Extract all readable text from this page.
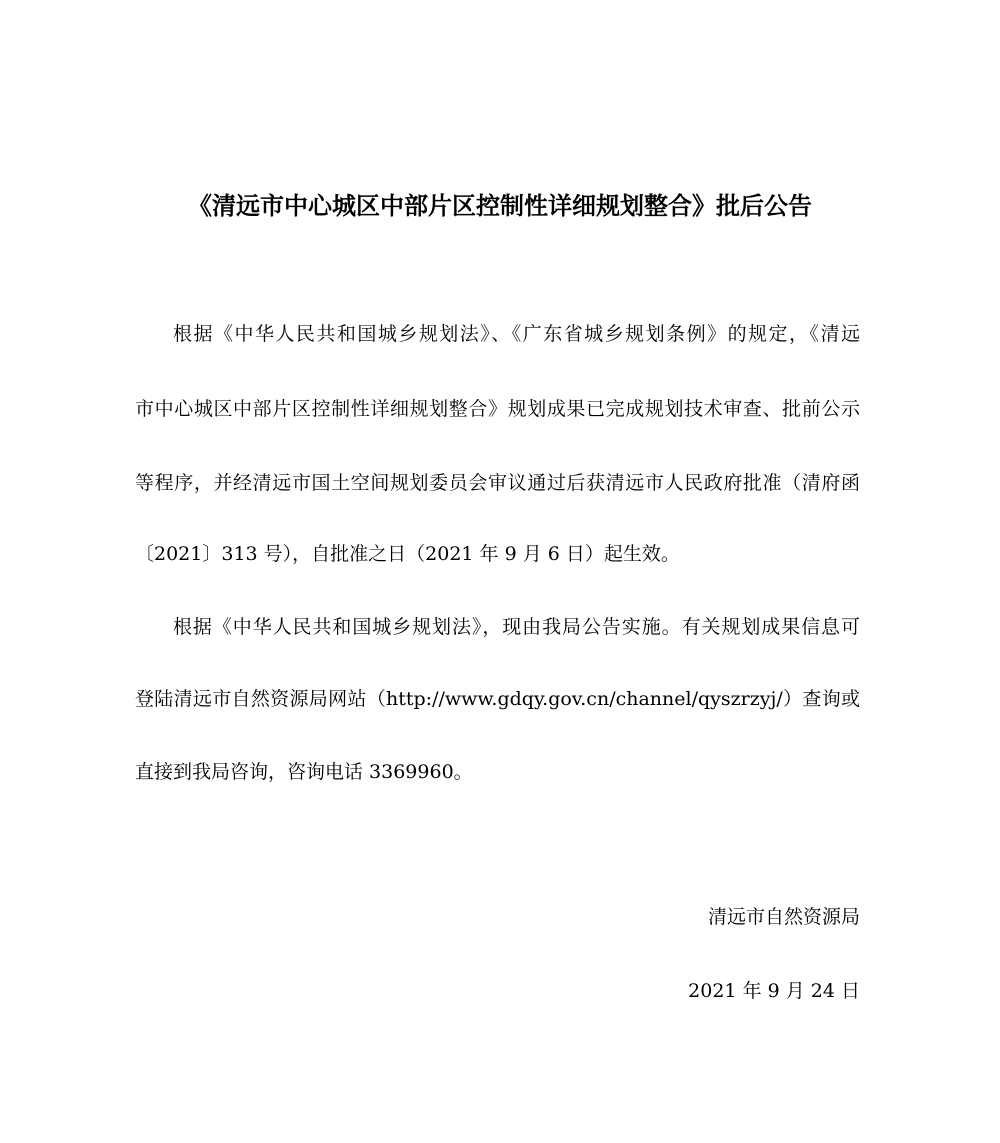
《清远市中心城区中部片区控制性详细规划整合》批后公告
根据《中华人民共和国城乡规划法》、《广东省城乡规划条例》的规定，《清远
市中心城区中部片区控制性详细规划整合》规划成果已完成规划技术审查、批前公示
等程序，并经清远市国土空间规划委员会审议通过后获清远市人民政府批准（清府函
〔2021〕313 号），自批准之日（2021 年 9 月 6 日）起生效。
根据《中华人民共和国城乡规划法》，现由我局公告实施。有关规划成果信息可
登陆清远市自然资源局网站（http://www.gdqy.gov.cn/channel/qyszrzyj/）查询或
直接到我局咨询，咨询电话 3369960。
清远市自然资源局
2021 年 9 月 24 日
